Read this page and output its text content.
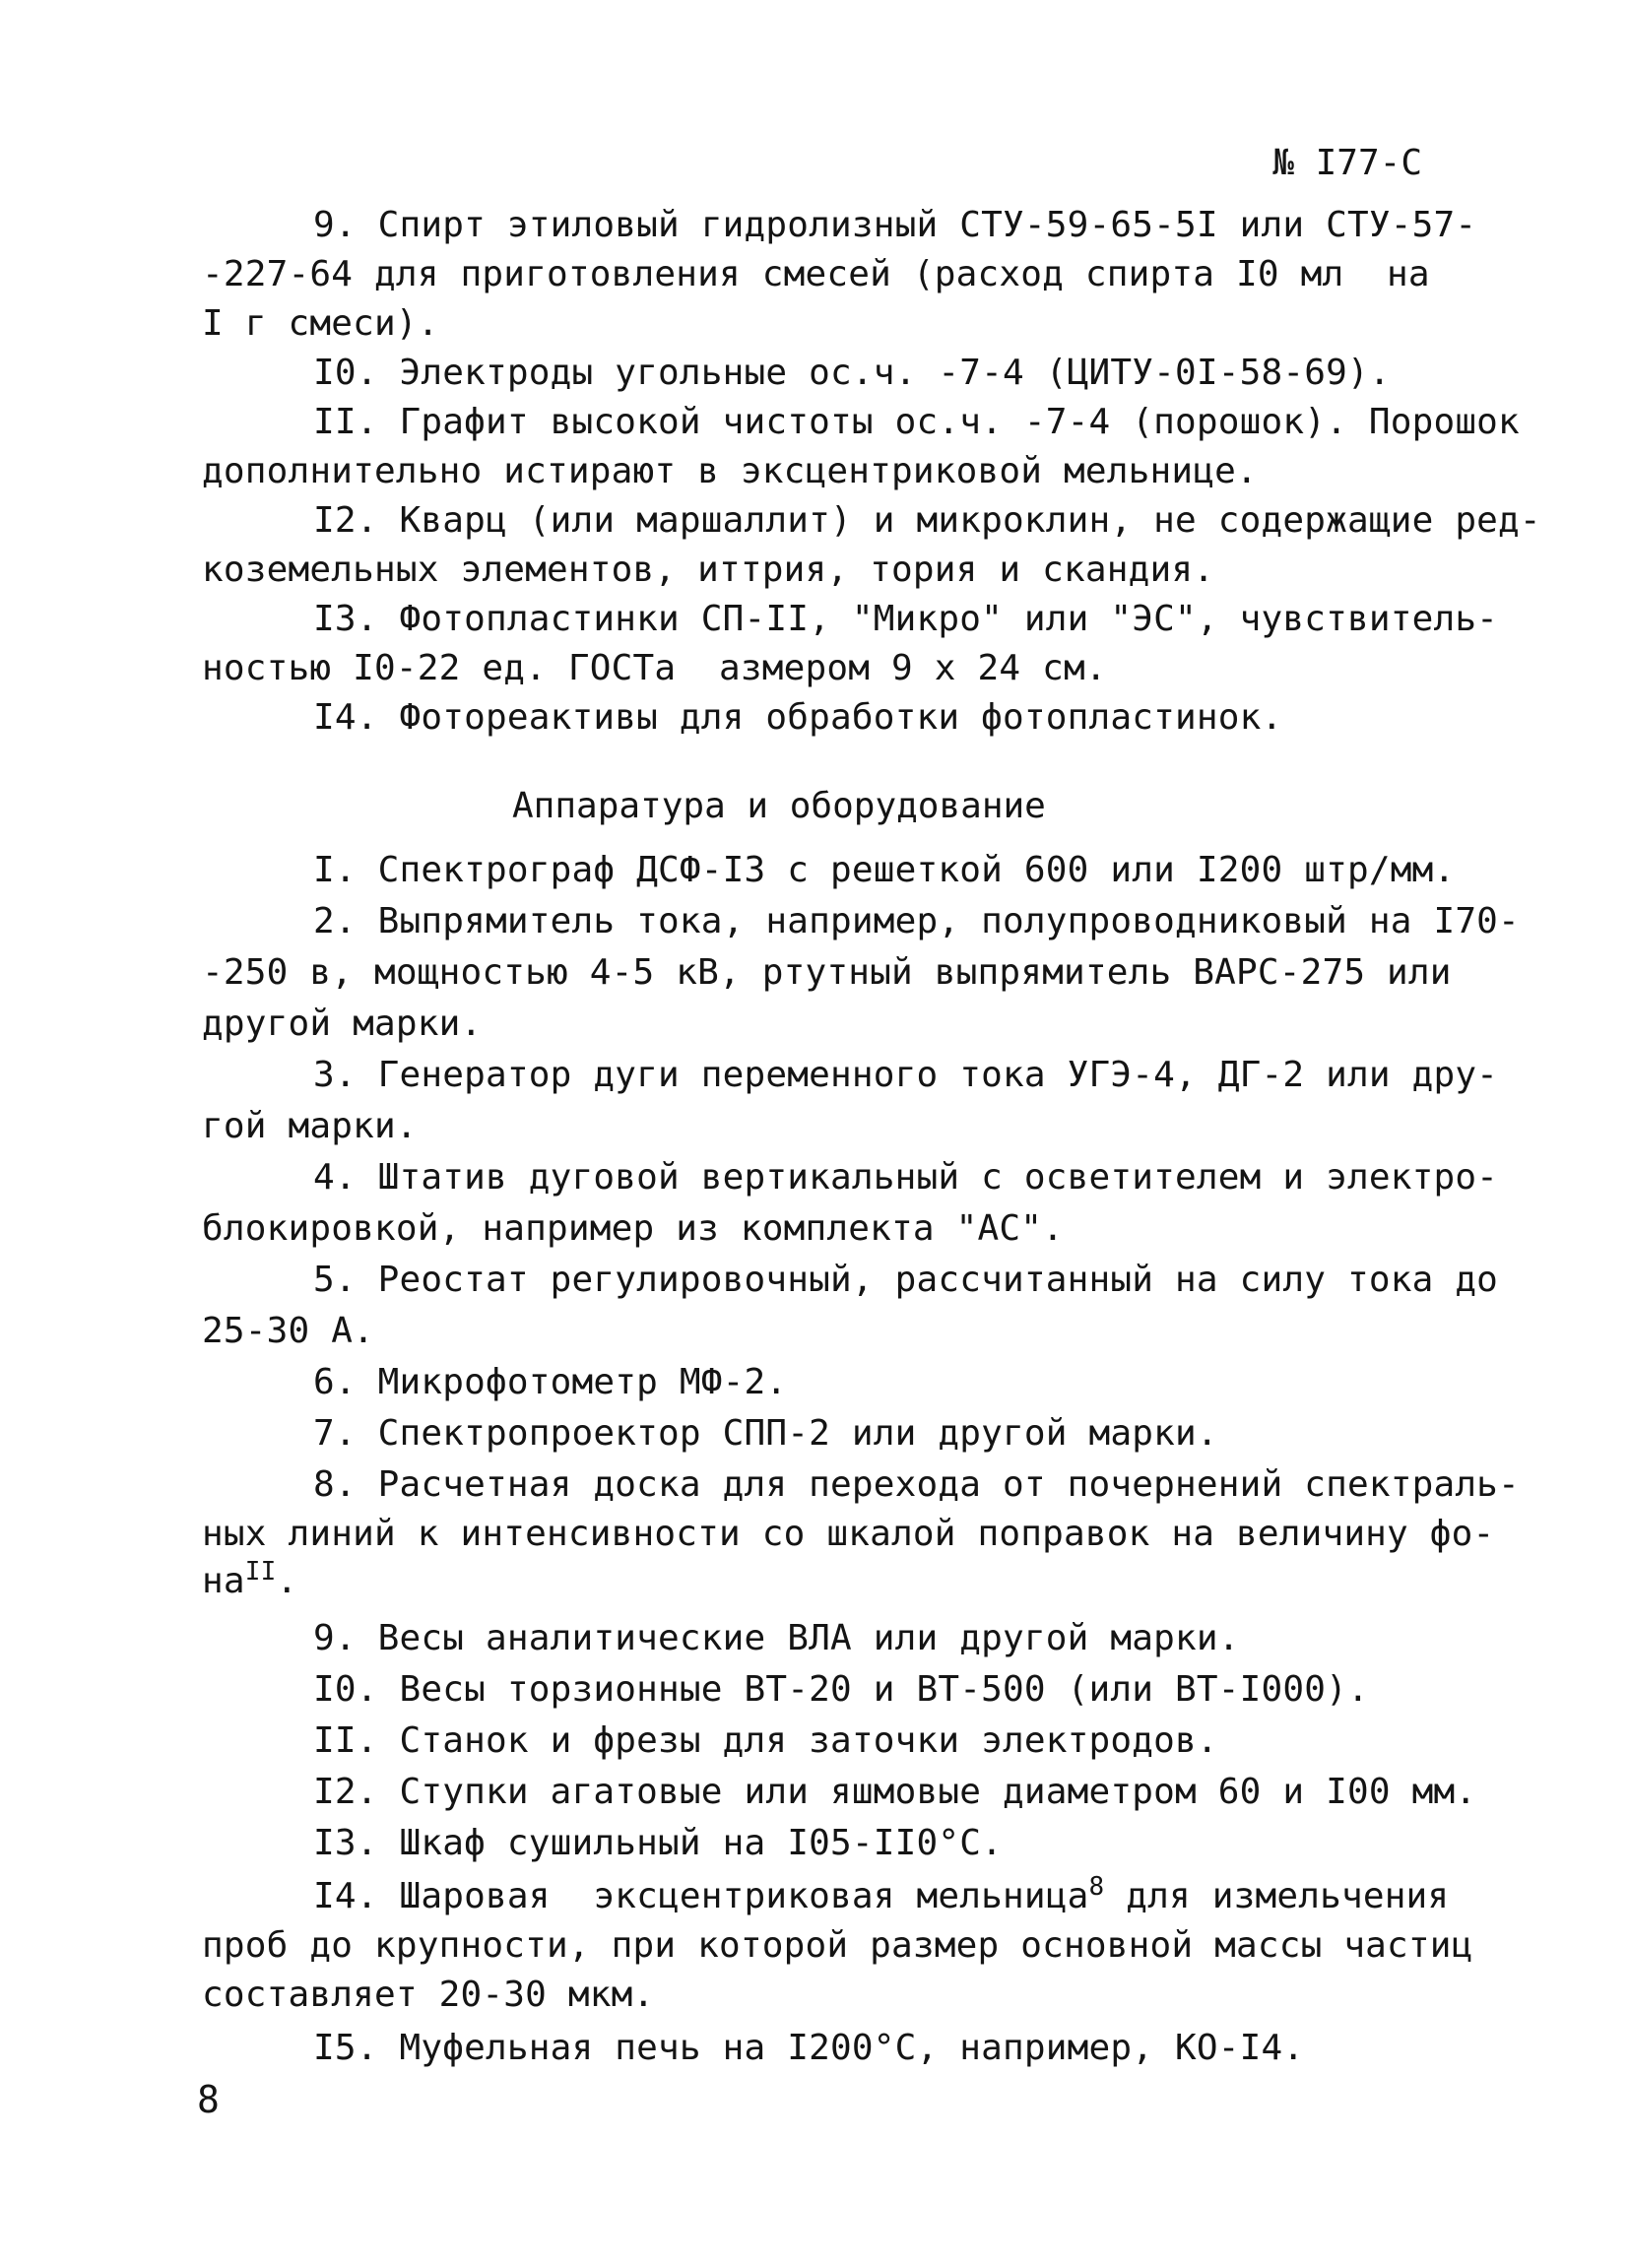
№ I77-С
9. Спирт этиловый гидролизный СТУ-59-65-5I или СТУ-57-
-227-64 для приготовления смесей (расход спирта I0 мл  на
I г смеси).
I0. Электроды угольные ос.ч. -7-4 (ЦИТУ-0I-58-69).
II. Графит высокой чистоты ос.ч. -7-4 (порошок). Порошок
дополнительно истирают в эксцентриковой мельнице.
I2. Кварц (или маршаллит) и микроклин, не содержащие ред-
коземельных элементов, иттрия, тория и скандия.
I3. Фотопластинки СП-II, "Микро" или "ЭС", чувствитель-
ностью I0-22 ед. ГОСТа  азмером 9 х 24 см.
I4. Фотореактивы для обработки фотопластинок.
Аппаратура и оборудование
I. Спектрограф ДСФ-I3 с решеткой 600 или I200 штр/мм.
2. Выпрямитель тока, например, полупроводниковый на I70-
-250 в, мощностью 4-5 кВ, ртутный выпрямитель ВАРС-275 или
другой марки.
3. Генератор дуги переменного тока УГЭ-4, ДГ-2 или дру-
гой марки.
4. Штатив дуговой вертикальный с осветителем и электро-
блокировкой, например из комплекта "АС".
5. Реостат регулировочный, рассчитанный на силу тока до
25-30 А.
6. Микрофотометр МФ-2.
7. Спектропроектор СПП-2 или другой марки.
8. Расчетная доска для перехода от почернений спектраль-
ных линий к интенсивности со шкалой поправок на величину фо-
$на^{II}$.
9. Весы аналитические ВЛА или другой марки.
I0. Весы торзионные ВТ-20 и ВТ-500 (или ВТ-I000).
II. Станок и фрезы для заточки электродов.
I2. Ступки агатовые или яшмовые диаметром 60 и I00 мм.
I3. Шкаф сушильный на I05-II0°С.
I4. Шаровая  эксцентриковая мельница$^8$ для измельчения
проб до крупности, при которой размер основной массы частиц
составляет 20-30 мкм.
I5. Муфельная печь на I200°С, например, КО-I4.
8
